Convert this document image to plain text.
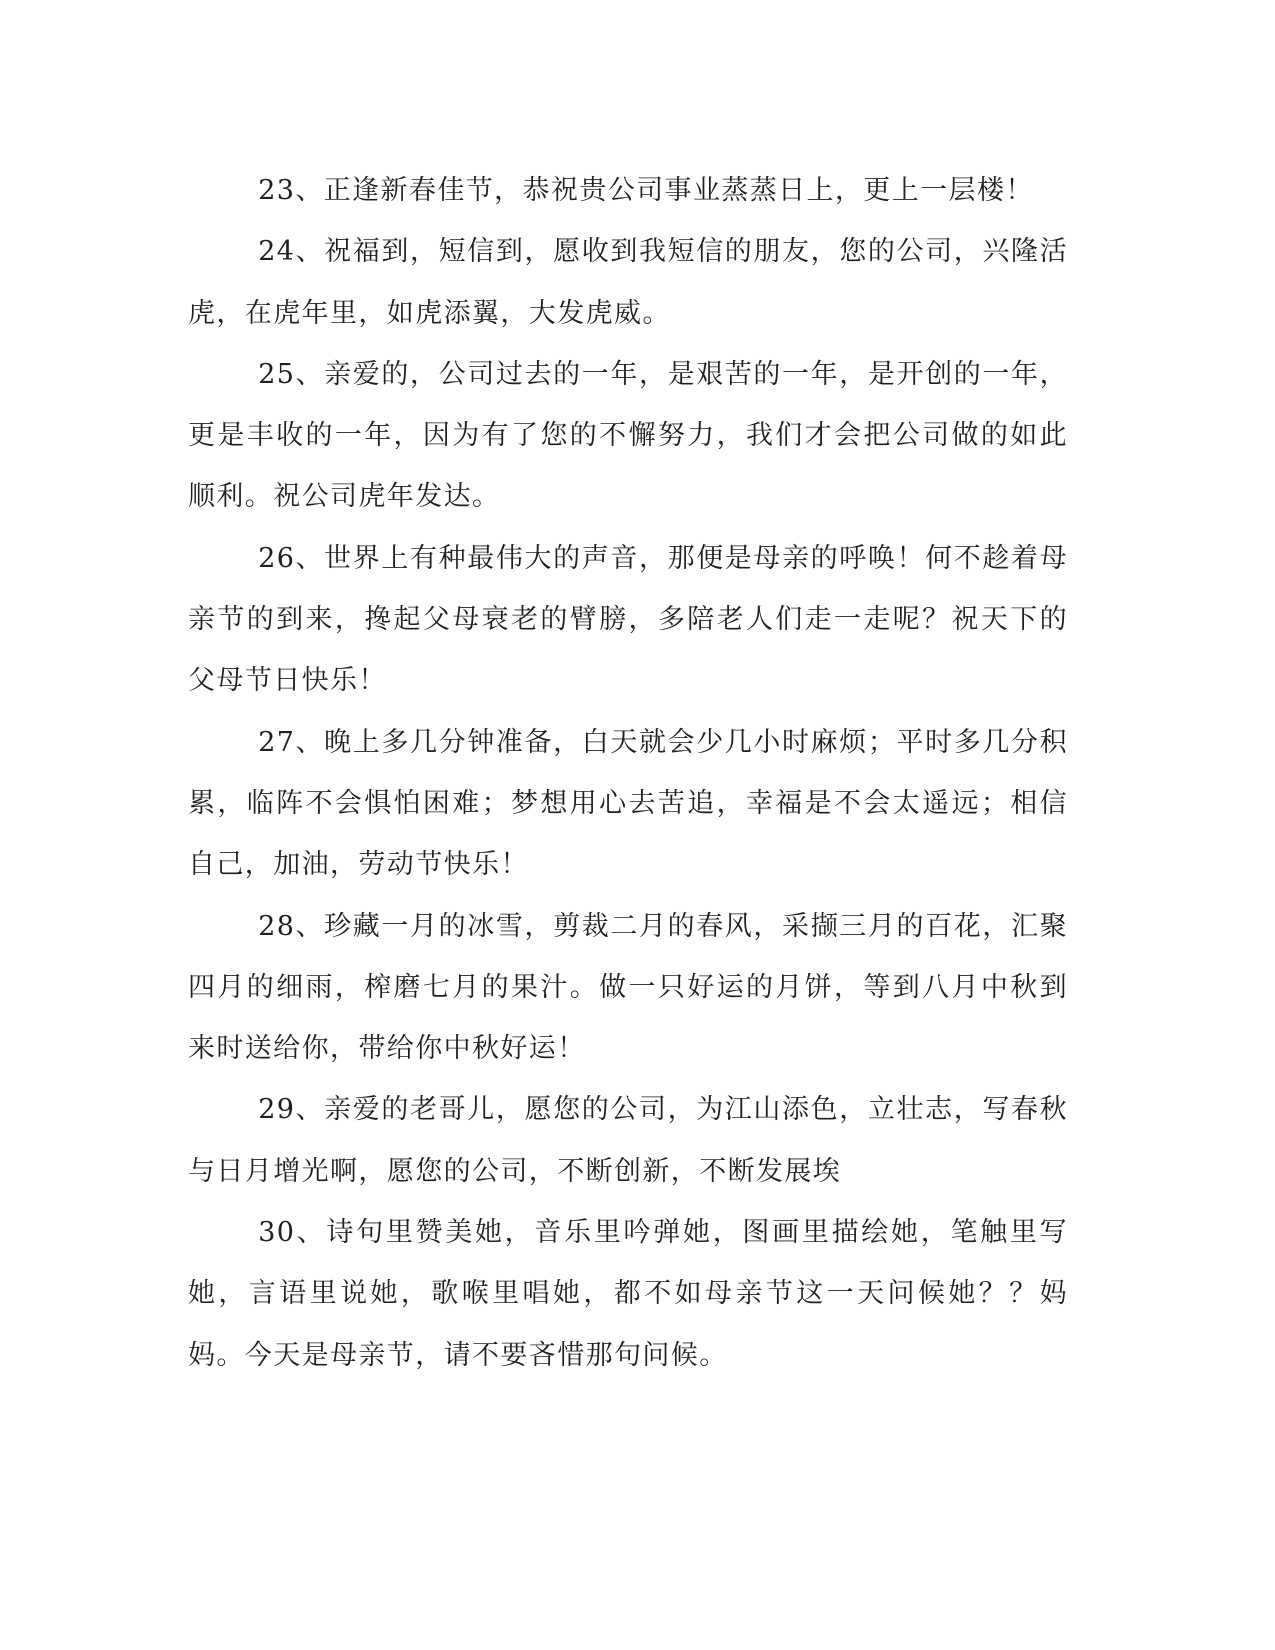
23、正逢新春佳节，恭祝贵公司事业蒸蒸日上，更上一层楼！

24、祝福到，短信到，愿收到我短信的朋友，您的公司，兴隆活虎，在虎年里，如虎添翼，大发虎威。

25、亲爱的，公司过去的一年，是艰苦的一年，是开创的一年，更是丰收的一年，因为有了您的不懈努力，我们才会把公司做的如此顺利。祝公司虎年发达。

26、世界上有种最伟大的声音，那便是母亲的呼唤！何不趁着母亲节的到来，搀起父母衰老的臂膀，多陪老人们走一走呢？祝天下的父母节日快乐！

27、晚上多几分钟准备，白天就会少几小时麻烦；平时多几分积累，临阵不会惧怕困难；梦想用心去苦追，幸福是不会太遥远；相信自己，加油，劳动节快乐！

28、珍藏一月的冰雪，剪裁二月的春风，采撷三月的百花，汇聚四月的细雨，榨磨七月的果汁。做一只好运的月饼，等到八月中秋到来时送给你，带给你中秋好运！

29、亲爱的老哥儿，愿您的公司，为江山添色，立壮志，写春秋与日月增光啊，愿您的公司，不断创新，不断发展埃

30、诗句里赞美她，音乐里吟弹她，图画里描绘她，笔触里写她，言语里说她，歌喉里唱她，都不如母亲节这一天问候她？？妈妈。今天是母亲节，请不要吝惜那句问候。
